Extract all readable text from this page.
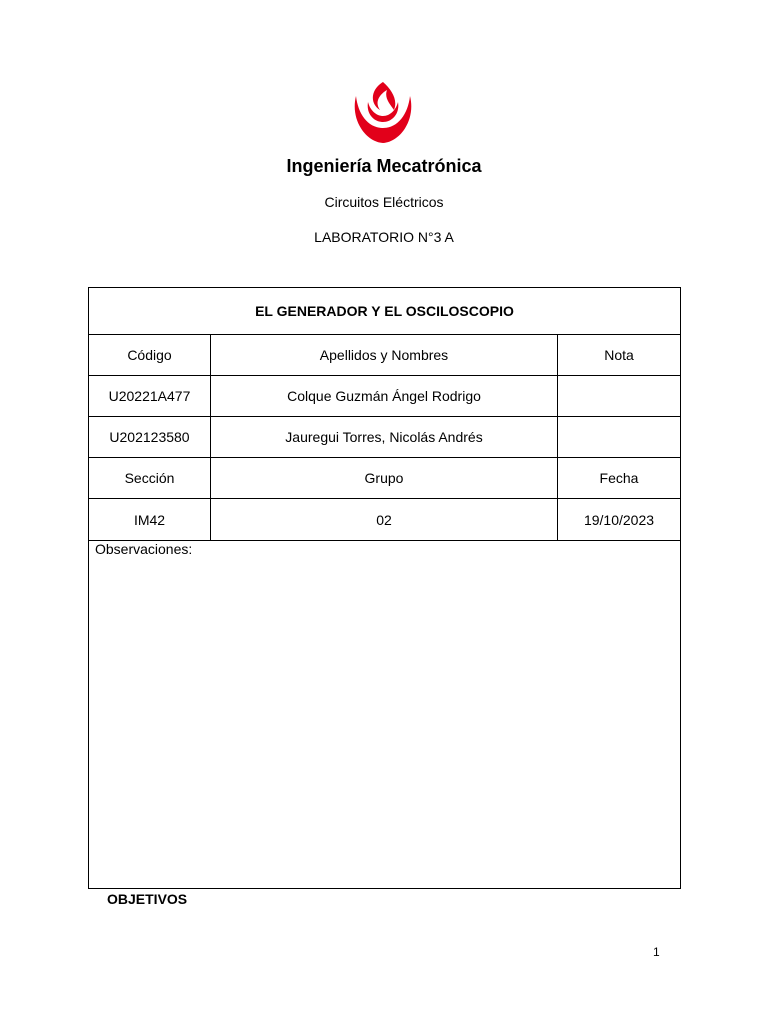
Ingeniería Mecatrónica
Circuitos Eléctricos
LABORATORIO N°3 A
EL GENERADOR Y EL OSCILOSCOPIO
Código	Apellidos y Nombres	Nota
U20221A477	Colque Guzmán Ángel Rodrigo
U202123580	Jauregui Torres, Nicolás Andrés
Sección	Grupo	Fecha
IM42	02	19/10/2023
Observaciones:
OBJETIVOS
1
